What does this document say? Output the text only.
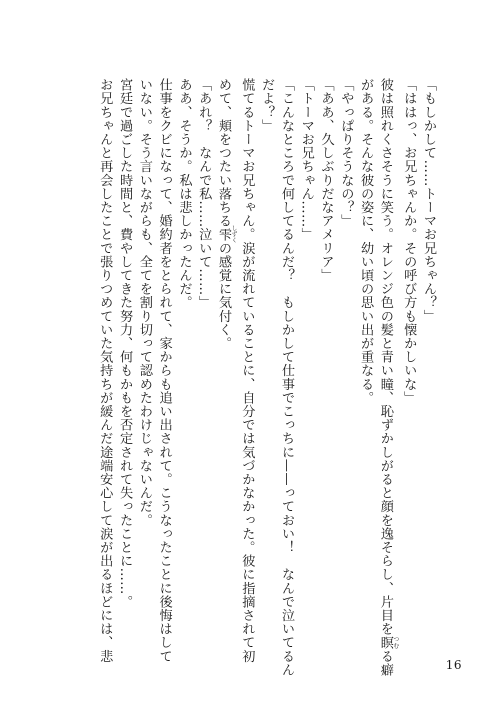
「もしかして……トーマお兄ちゃん？」

「ははっ、お兄ちゃんか。その呼び方も懐かしいな」

彼は照れくさそうに笑う。オレンジ色の髪と青い瞳、恥ずかしがると顔を逸そらし、片目を瞑 つむる癖

がある。そんな彼の姿に、幼い頃の思い出が重なる。

「やっぱりそうなの？」

「ああ、久しぶりだなアメリア」

「トーマお兄ちゃん……」

「こんなところで何してるんだ？　もしかして仕事でこっちに——っておい！　なんで泣いてるん

だよ？」

慌てるトーマお兄ちゃん。涙が流れていることに、自分では気づかなかった。彼に指摘されて初

めて、頬をつたい落ちる雫 しずくの感覚に気付く。

「あれ？　なんで私……泣いて……」

ああ、そうか。私は悲しかったんだ。

仕事をクビになって、婚約者をとられて、家からも追い出されて。こうなったことに後悔はして

いない。そう言いながらも、全てを割り切って認めたわけじゃないんだ。

宮廷で過ごした時間と、費やしてきた努力、何もかもを否定されて失ったことに……。

お兄ちゃんと再会したことで張りつめていた気持ちが緩んだ途端安心して涙が出るほどには、悲

16
